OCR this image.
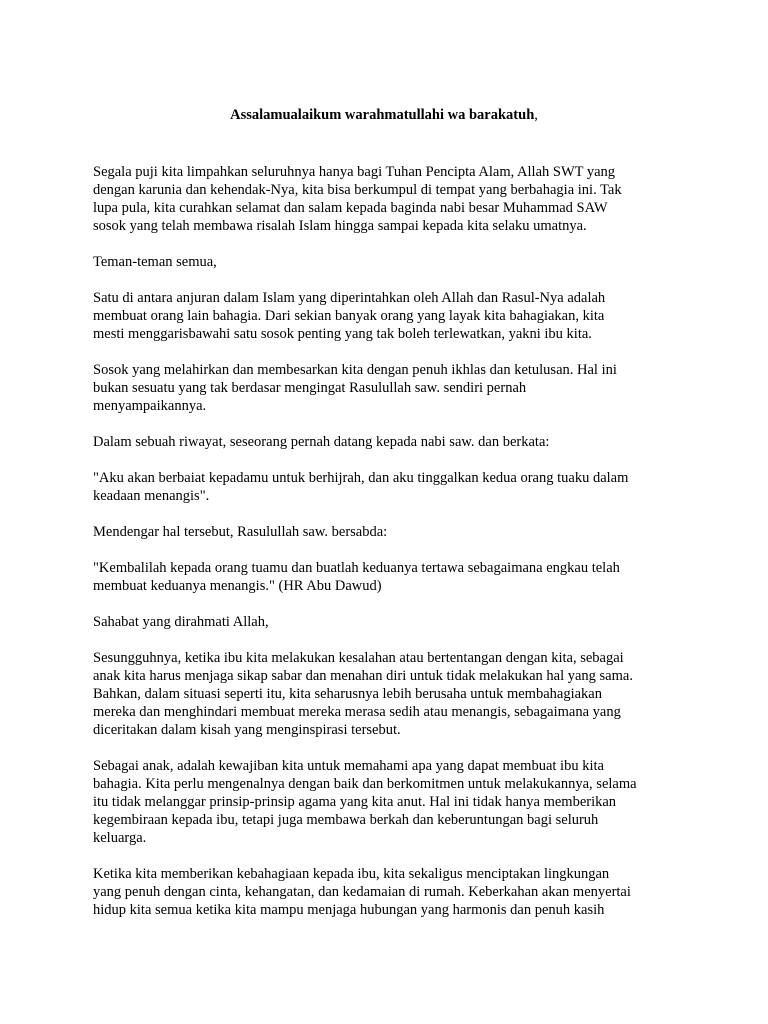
Assalamualaikum warahmatullahi wa barakatuh,

Segala puji kita limpahkan seluruhnya hanya bagi Tuhan Pencipta Alam, Allah SWT yang
dengan karunia dan kehendak-Nya, kita bisa berkumpul di tempat yang berbahagia ini. Tak
lupa pula, kita curahkan selamat dan salam kepada baginda nabi besar Muhammad SAW
sosok yang telah membawa risalah Islam hingga sampai kepada kita selaku umatnya.

Teman-teman semua,

Satu di antara anjuran dalam Islam yang diperintahkan oleh Allah dan Rasul-Nya adalah
membuat orang lain bahagia. Dari sekian banyak orang yang layak kita bahagiakan, kita
mesti menggarisbawahi satu sosok penting yang tak boleh terlewatkan, yakni ibu kita.

Sosok yang melahirkan dan membesarkan kita dengan penuh ikhlas dan ketulusan. Hal ini
bukan sesuatu yang tak berdasar mengingat Rasulullah saw. sendiri pernah
menyampaikannya.

Dalam sebuah riwayat, seseorang pernah datang kepada nabi saw. dan berkata:

"Aku akan berbaiat kepadamu untuk berhijrah, dan aku tinggalkan kedua orang tuaku dalam
keadaan menangis".

Mendengar hal tersebut, Rasulullah saw. bersabda:

"Kembalilah kepada orang tuamu dan buatlah keduanya tertawa sebagaimana engkau telah
membuat keduanya menangis." (HR Abu Dawud)

Sahabat yang dirahmati Allah,

Sesungguhnya, ketika ibu kita melakukan kesalahan atau bertentangan dengan kita, sebagai
anak kita harus menjaga sikap sabar dan menahan diri untuk tidak melakukan hal yang sama.
Bahkan, dalam situasi seperti itu, kita seharusnya lebih berusaha untuk membahagiakan
mereka dan menghindari membuat mereka merasa sedih atau menangis, sebagaimana yang
diceritakan dalam kisah yang menginspirasi tersebut.

Sebagai anak, adalah kewajiban kita untuk memahami apa yang dapat membuat ibu kita
bahagia. Kita perlu mengenalnya dengan baik dan berkomitmen untuk melakukannya, selama
itu tidak melanggar prinsip-prinsip agama yang kita anut. Hal ini tidak hanya memberikan
kegembiraan kepada ibu, tetapi juga membawa berkah dan keberuntungan bagi seluruh
keluarga.

Ketika kita memberikan kebahagiaan kepada ibu, kita sekaligus menciptakan lingkungan
yang penuh dengan cinta, kehangatan, dan kedamaian di rumah. Keberkahan akan menyertai
hidup kita semua ketika kita mampu menjaga hubungan yang harmonis dan penuh kasih
